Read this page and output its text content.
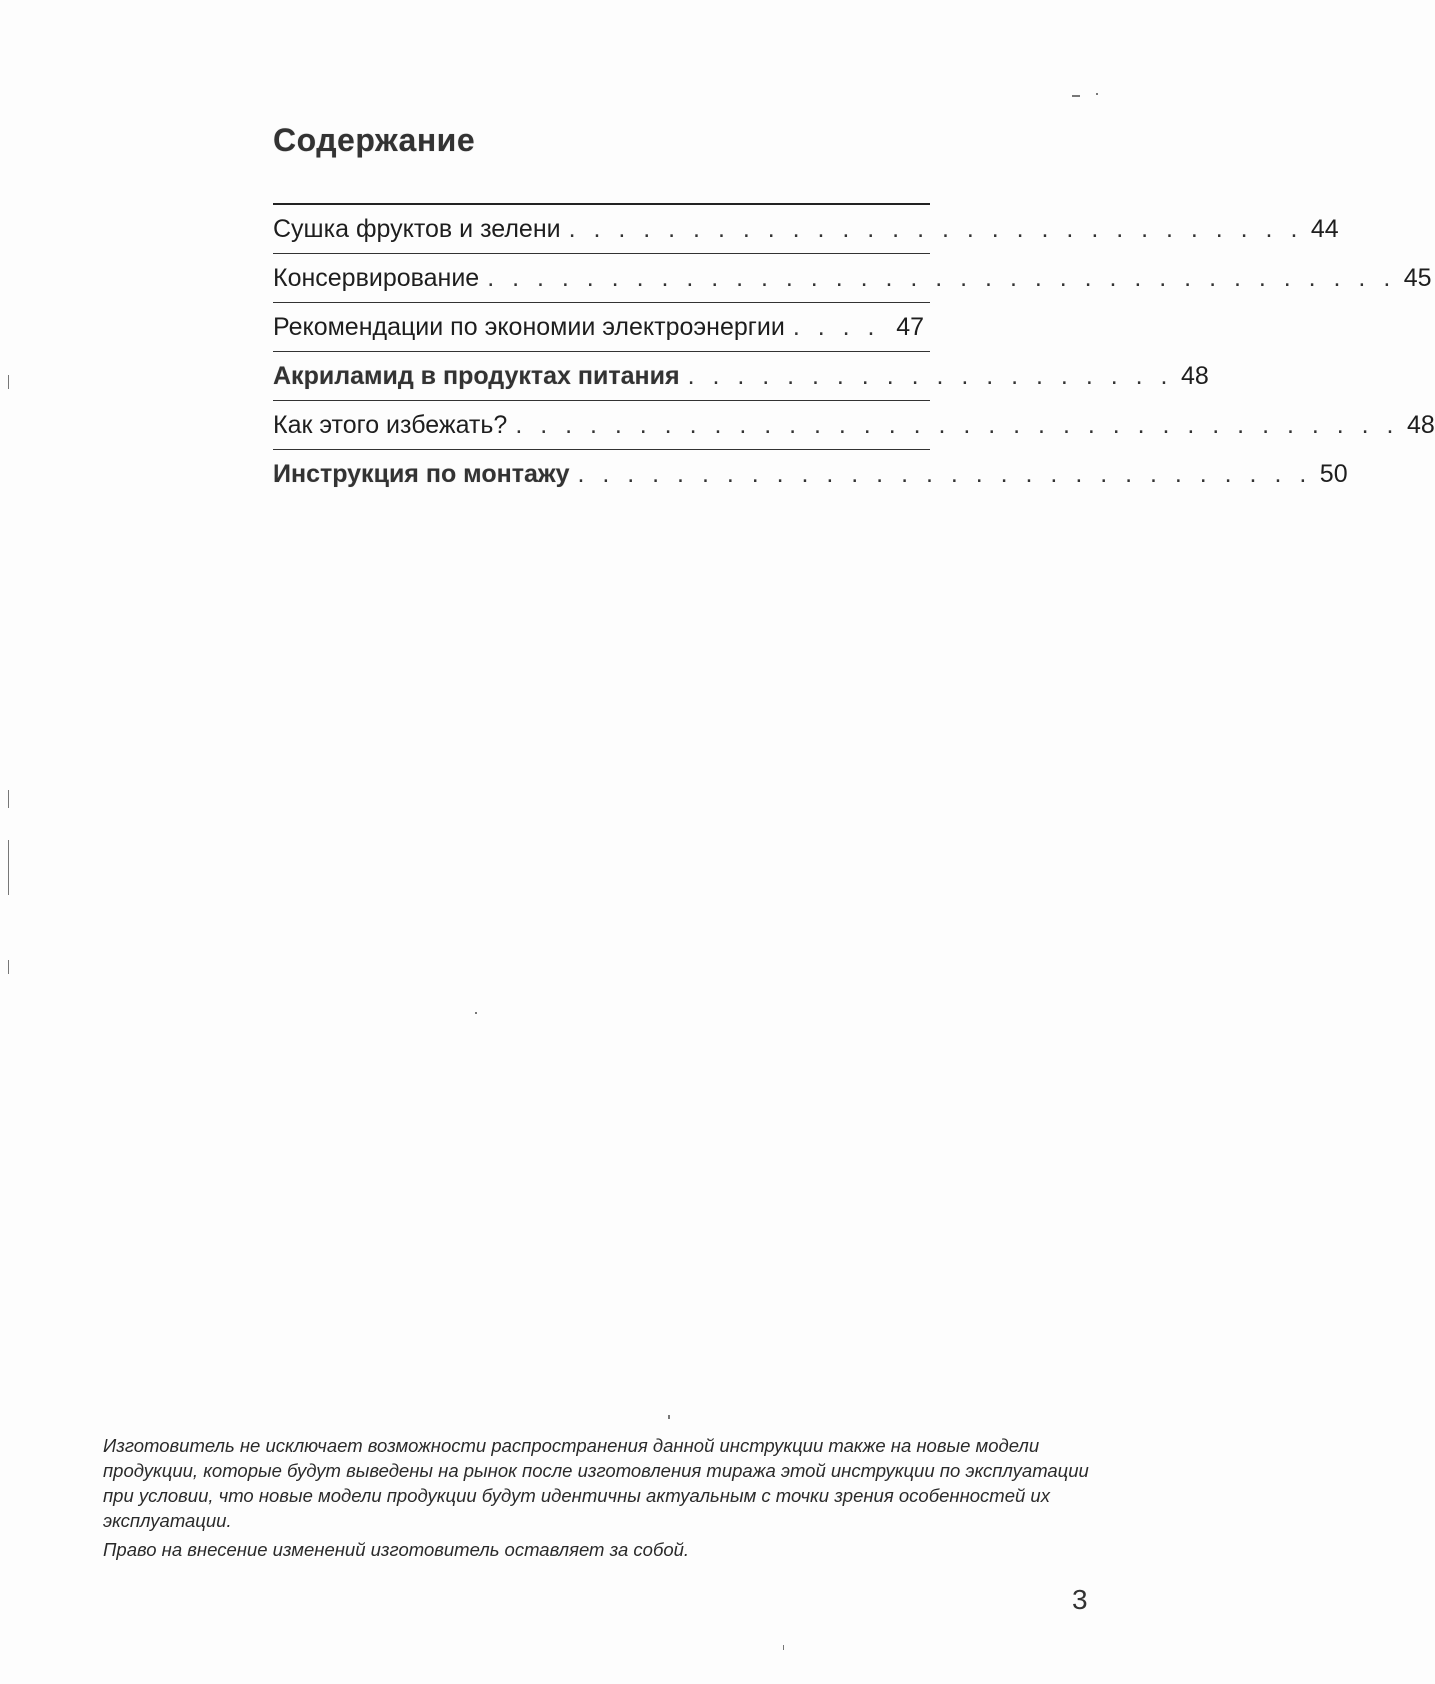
Содержание
Сушка фруктов и зелени . . . . . . . . . . . . . . . . . . . . . . . . . . . . . . 44
Консервирование . . . . . . . . . . . . . . . . . . . . . . . . . . . . . . . . . . . . . 45
Рекомендации по экономии электроэнергии . . . . 47
Акриламид в продуктах питания . . . . . . . . . . . . . . . . . . . . 48
Как этого избежать? . . . . . . . . . . . . . . . . . . . . . . . . . . . . . . . . . . . . 48
Инструкция по монтажу . . . . . . . . . . . . . . . . . . . . . . . . . . . . . . 50

Изготовитель не исключает возможности распространения данной инструкции также на новые модели продукции, которые будут выведены на рынок после изготовления тиража этой инструкции по эксплуатации при условии, что новые модели продукции будут идентичны актуальным с точки зрения особенностей их эксплуатации.

Право на внесение изменений изготовитель оставляет за собой.

3
